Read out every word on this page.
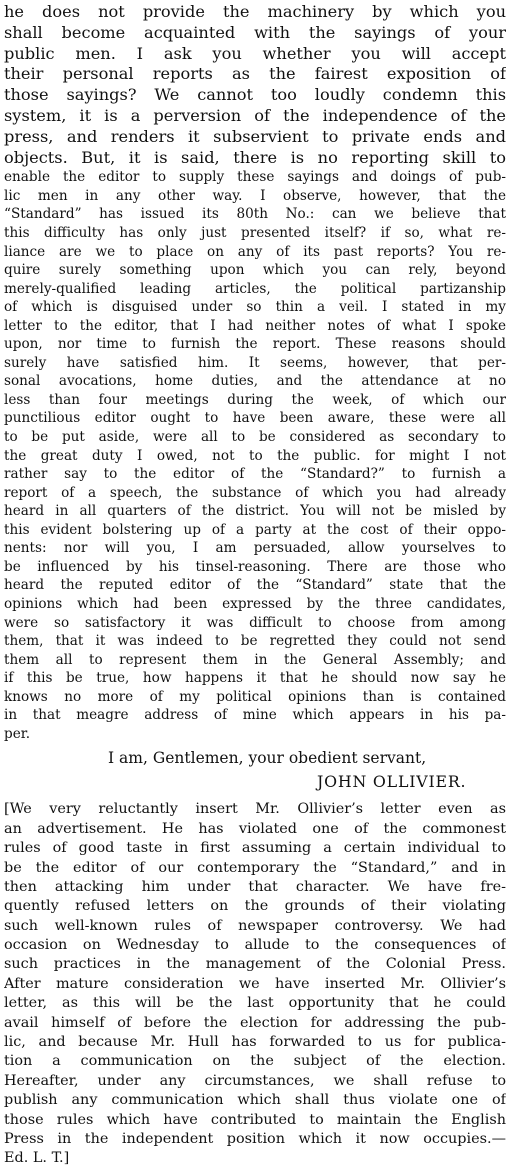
he does not provide the machinery by which you
shall become acquainted with the sayings of your
public men. I ask you whether you will accept
their personal reports as the fairest exposition of
those sayings? We cannot too loudly condemn this
system, it is a perversion of the independence of the
press, and renders it subservient to private ends and
objects. But, it is said, there is no reporting skill to
enable the editor to supply these sayings and doings of pub-
lic men in any other way. I observe, however, that the
“Standard” has issued its 80th No.: can we believe that
this difficulty has only just presented itself? if so, what re-
liance are we to place on any of its past reports? You re-
quire surely something upon which you can rely, beyond
merely-qualified leading articles, the political partizanship
of which is disguised under so thin a veil. I stated in my
letter to the editor, that I had neither notes of what I spoke
upon, nor time to furnish the report. These reasons should
surely have satisfied him. It seems, however, that per-
sonal avocations, home duties, and the attendance at no
less than four meetings during the week, of which our
punctilious editor ought to have been aware, these were all
to be put aside, were all to be considered as secondary to
the great duty I owed, not to the public. for might I not
rather say to the editor of the “Standard?” to furnish a
report of a speech, the substance of which you had already
heard in all quarters of the district. You will not be misled by
this evident bolstering up of a party at the cost of their oppo-
nents: nor will you, I am persuaded, allow yourselves to
be influenced by his tinsel-reasoning. There are those who
heard the reputed editor of the “Standard” state that the
opinions which had been expressed by the three candidates,
were so satisfactory it was difficult to choose from among
them, that it was indeed to be regretted they could not send
them all to represent them in the General Assembly; and
if this be true, how happens it that he should now say he
knows no more of my political opinions than is contained
in that meagre address of mine which appears in his pa-
per.
I am, Gentlemen, your obedient servant,
JOHN OLLIVIER.
[We very reluctantly insert Mr. Ollivier’s letter even as
an advertisement. He has violated one of the commonest
rules of good taste in first assuming a certain individual to
be the editor of our contemporary the “Standard,” and in
then attacking him under that character. We have fre-
quently refused letters on the grounds of their violating
such well-known rules of newspaper controversy. We had
occasion on Wednesday to allude to the consequences of
such practices in the management of the Colonial Press.
After mature consideration we have inserted Mr. Ollivier’s
letter, as this will be the last opportunity that he could
avail himself of before the election for addressing the pub-
lic, and because Mr. Hull has forwarded to us for publica-
tion a communication on the subject of the election.
Hereafter, under any circumstances, we shall refuse to
publish any communication which shall thus violate one of
those rules which have contributed to maintain the English
Press in the independent position which it now occupies.—
Ed. L. T.]
